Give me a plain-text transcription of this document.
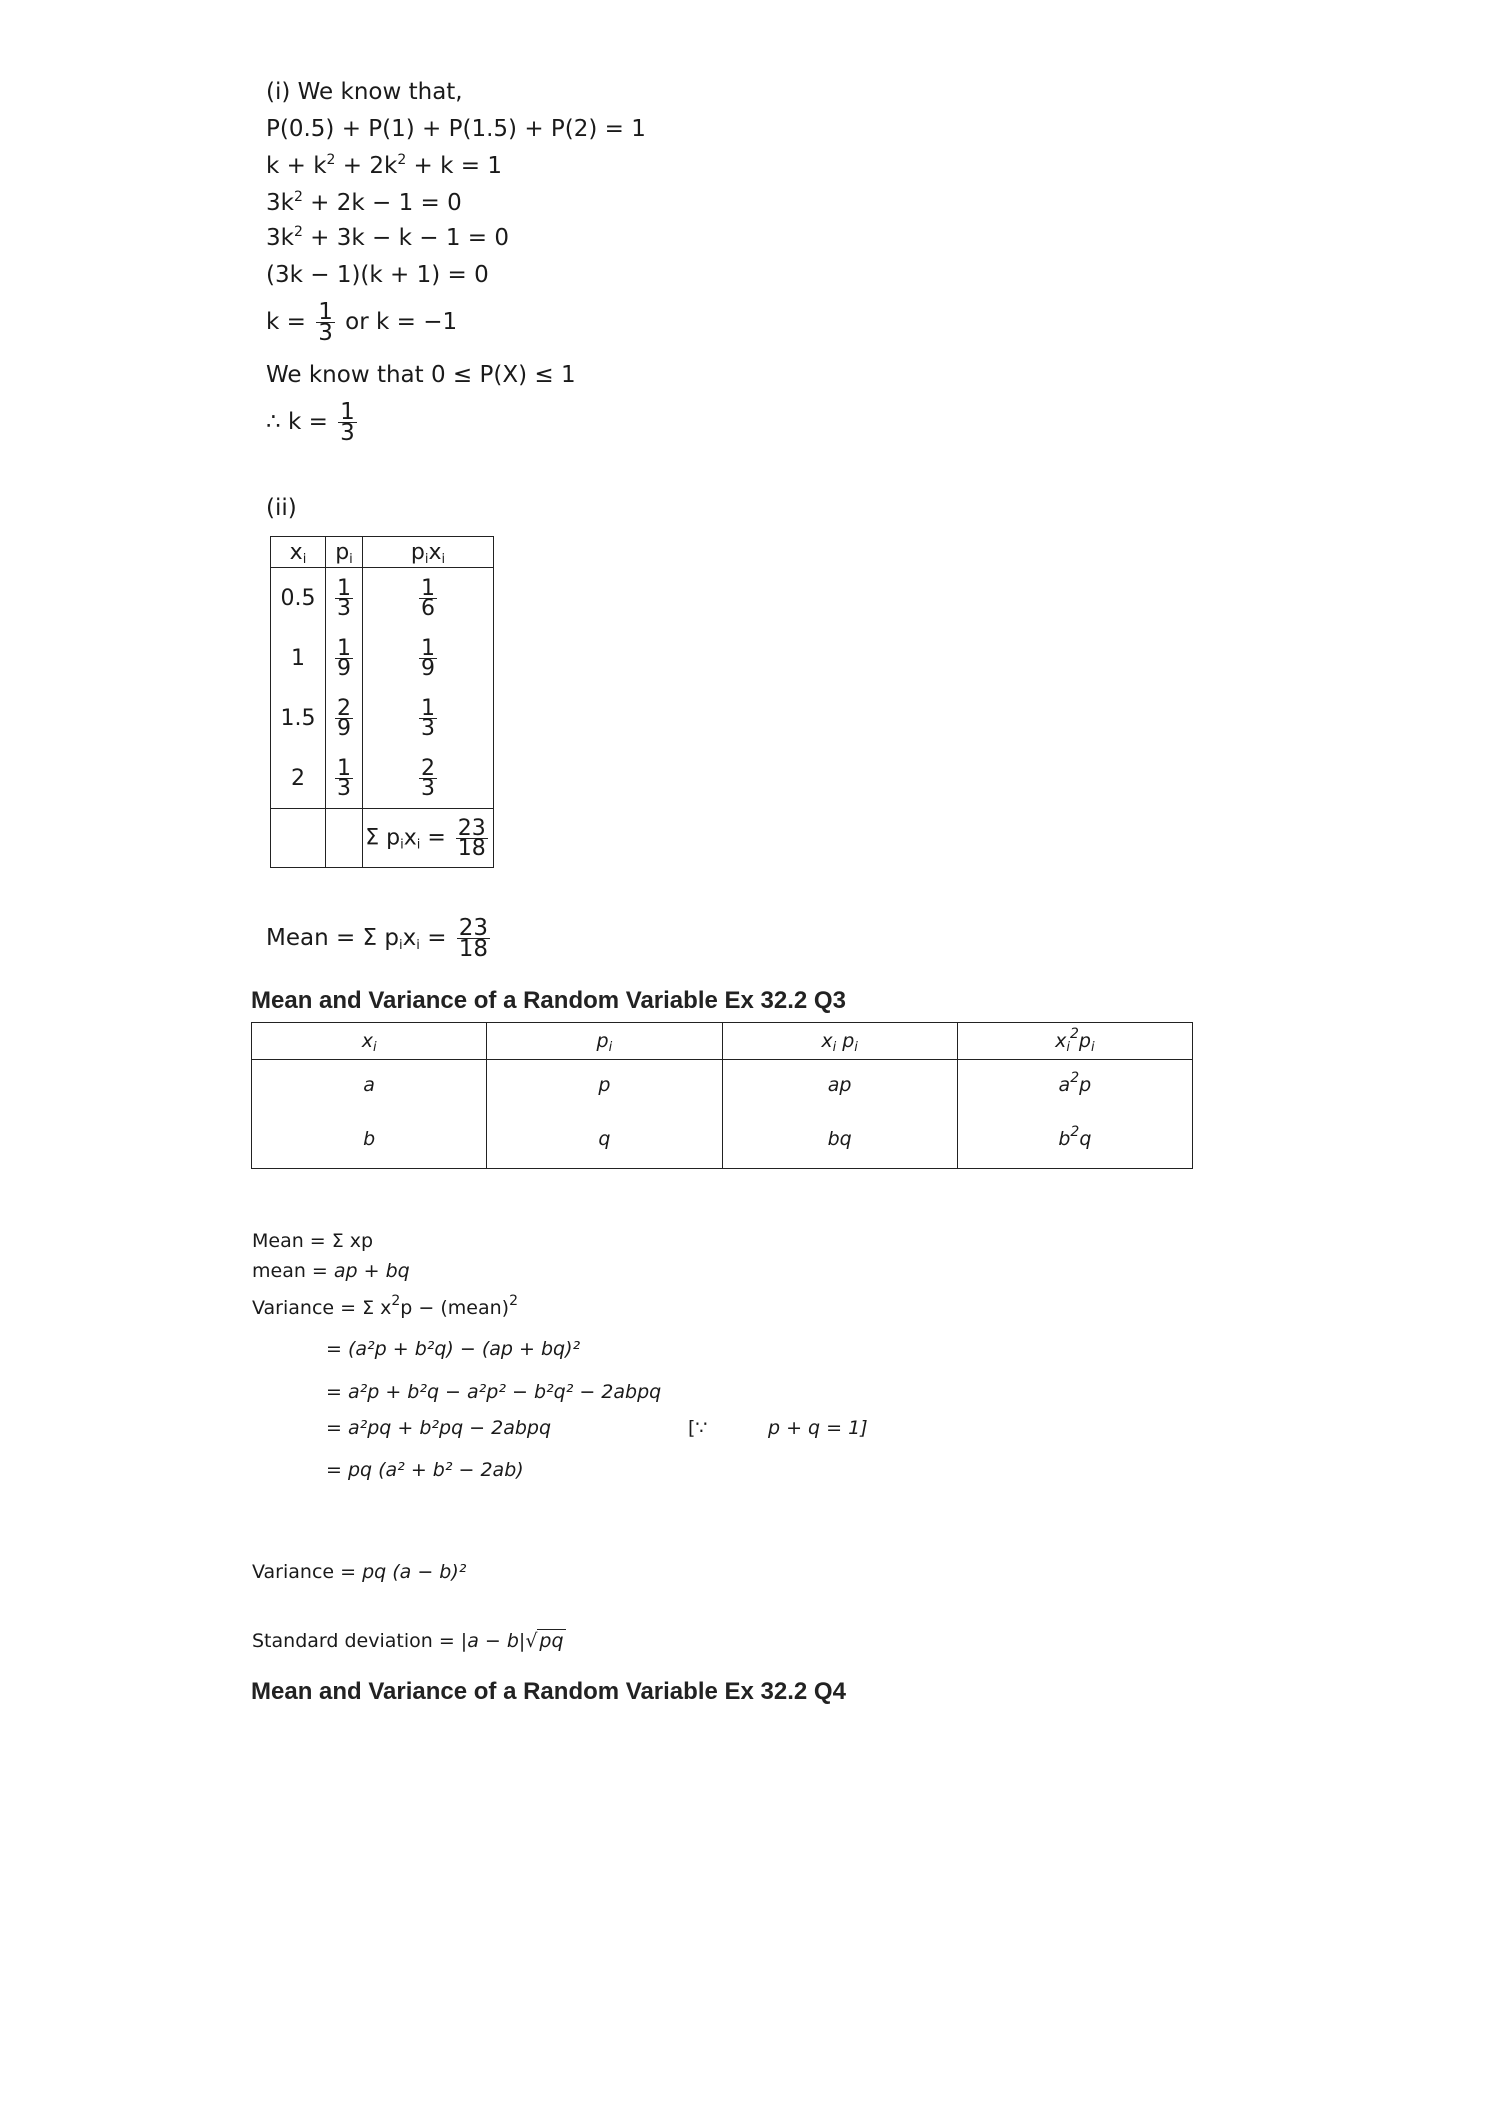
(i) We know that,
P(0.5) + P(1) + P(1.5) + P(2) = 1
$k + k^2 + 2k^2 + k = 1$
$3k^2 + 2k - 1 = 0$
$3k^2 + 3k - k - 1 = 0$
(3k − 1)(k + 1) = 0
$k = \frac{1}{3}$ or k = −1
We know that 0 ≤ P(X) ≤ 1
∴ $k = \frac{1}{3}$
(ii)
$x_i$	$p_i$	$p_ix_i$
0.5	$\frac{1}{3}$	$\frac{1}{6}$

1	$\frac{1}{9}$	$\frac{1}{9}$

1.5	$\frac{2}{9}$	$\frac{1}{3}$

2	$\frac{1}{3}$	$\frac{2}{3}$

		Σ $p_ix_i = \frac{23}{18}$
Mean = Σ $p_ix_i = \frac{23}{18}$
Mean and Variance of a Random Variable Ex 32.2 Q3
$x_i$	$p_i$	$x_i$ $p_i$	$x_i^2p_i$
a	p	ap	$a^2p$
b	q	bq	$b^2q$
Mean = Σ xp
mean = ap + bq
Variance = Σ $x^2p$ − (mean)$^2$
= (a²p + b²q) − (ap + bq)²
= a²p + b²q − a²p² − b²q² − 2abpq
= a²pq + b²pq − 2abpq	[∵	p + q = 1]
= pq (a² + b² − 2ab)
Variance = pq (a − b)²
Standard deviation = |a − b|√ pq
Mean and Variance of a Random Variable Ex 32.2 Q4
